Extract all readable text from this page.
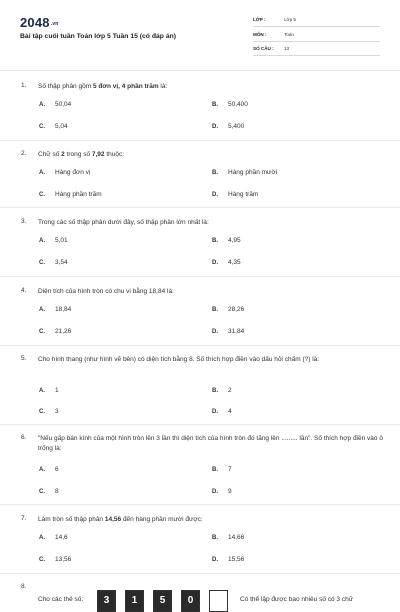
2048.vn
Bài tập cuối tuần Toán lớp 5 Tuần 15 (có đáp án)
LỚP :	Lớp 5
MÔN :	Toán
SỐ CÂU : 13
1. Số thập phân gồm 5 đơn vị, 4 phần trăm là:
A. 50,04	B. 50,400
C. 5,04	D. 5,400
2. Chữ số 2 trong số 7,92 thuộc:
A. Hàng đơn vị	B. Hàng phần mười
C. Hàng phần trăm	D. Hàng trăm
3. Trong các số thập phân dưới đây, số thập phân lớn nhất là:
A. 5,01	B. 4,95
C. 3,54	D. 4,35
4. Diện tích của hình tròn có chu vi bằng 18,84 là:
A. 18,84	B. 28,26
C. 21,26	D. 31,84
5. Cho hình thang (như hình vẽ bên) có diện tích bằng 8. Số thích hợp điền vào dấu hỏi chấm (?) là:
A. 1	B. 2
C. 3	D. 4
6. "Nếu gấp bán kính của một hình tròn lên 3 lần thì diện tích của hình tròn đó tăng lên ......... lần". Số thích hợp điền vào ô trống là:
A. 6	B. 7
C. 8	D. 9
7. Làm tròn số thập phân 14,56 đến hàng phần mười được:
A. 14,6	B. 14,66
C. 13,56	D. 15,56
8.
Cho các thẻ số:	3	1	5	0	Có thể lập được bao nhiêu số có 3 chữ
